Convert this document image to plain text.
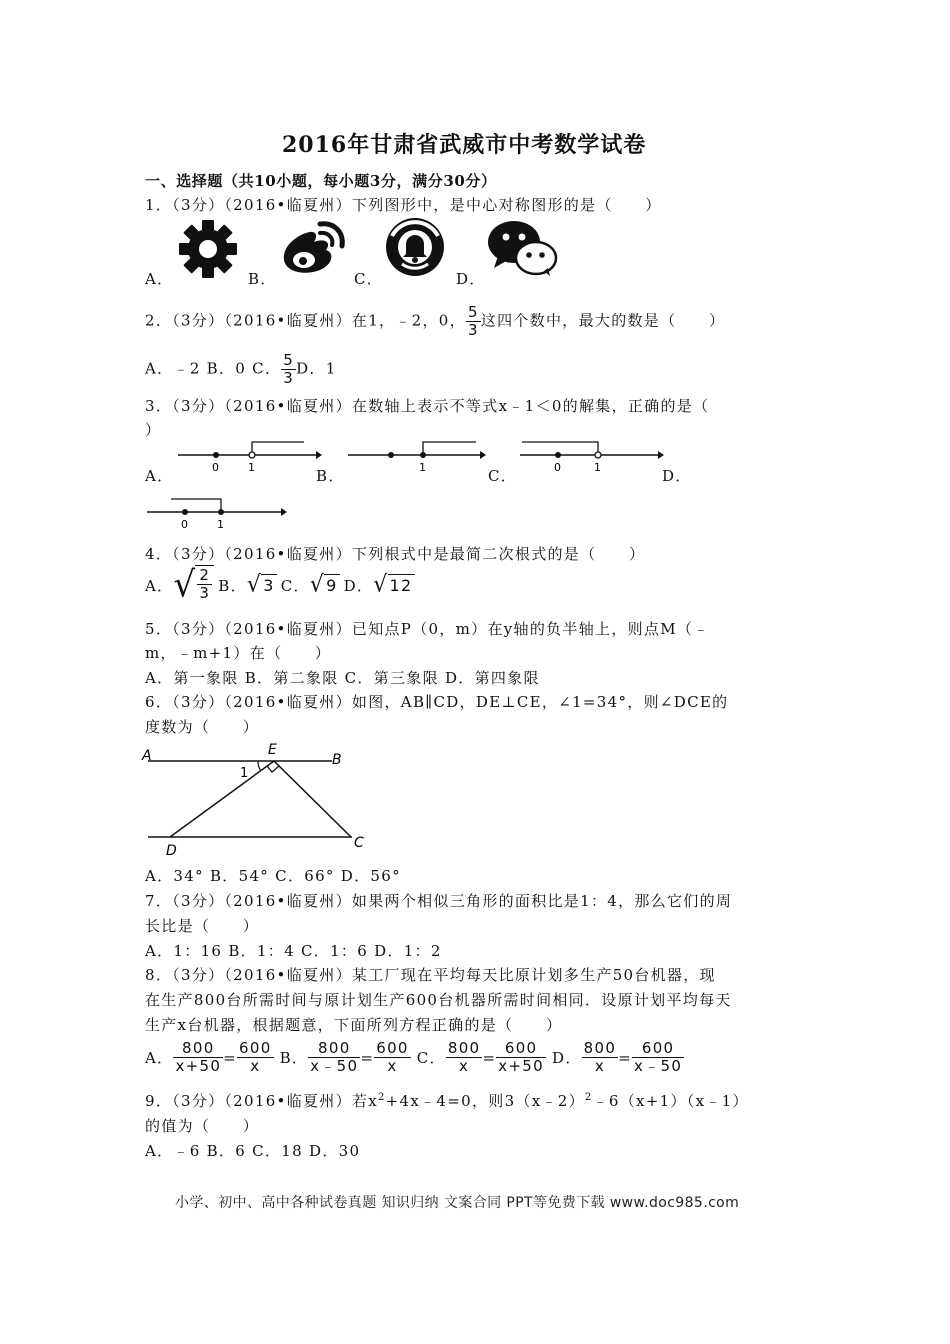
2016年甘肃省武威市中考数学试卷
一、选择题（共10小题，每小题3分，满分30分）
1．（3分）（2016•临夏州）下列图形中，是中心对称图形的是（　　）
A．	B．	C．	D．
2．（3分）（2016•临夏州）在1，﹣2，0， $\frac{5}{3}$ 这四个数中，最大的数是（　　）
A．﹣2 B．0 C． $\frac{5}{3}$ D．1
3．（3分）（2016•临夏州）在数轴上表示不等式x﹣1＜0的解集，正确的是（
）
A．	0	1	B．	1	C．	0	1	D．
0	1
4．（3分）（2016•临夏州）下列根式中是最简二次根式的是（　　）
A． √ $\frac{2}{3}$ B． √ 3 C． √ 9 D． √ 12
5．（3分）（2016•临夏州）已知点P（0，m）在y轴的负半轴上，则点M（﹣
m，﹣m+1）在（　　）
A．第一象限 B．第二象限 C．第三象限 D．第四象限
6．（3分）（2016•临夏州）如图，AB∥CD，DE⊥CE，∠1=34°，则∠DCE的
度数为（　　）
A	B
E
C
D
1
A．34° B．54° C．66° D．56°
7．（3分）（2016•临夏州）如果两个相似三角形的面积比是1：4，那么它们的周
长比是（　　）
A．1：16 B．1：4 C．1：6 D．1：2
8．（3分）（2016•临夏州）某工厂现在平均每天比原计划多生产50台机器，现
在生产800台所需时间与原计划生产600台机器所需时间相同．设原计划平均每天
生产x台机器，根据题意，下面所列方程正确的是（　　）
A． $\frac{800}{x+50} = \frac{600}{x}$ B． $\frac{800}{x﹣50} = \frac{600}{x}$ C． $\frac{800}{x} = \frac{600}{x+50}$ D． $\frac{800}{x} = \frac{600}{x﹣50}$
9．（3分）（2016•临夏州）若$x^2+4x﹣4=0$，则3（x﹣2）$^2$﹣6（x+1）（x﹣1）
的值为（　　）
A．﹣6 B．6 C．18 D．30
小学、初中、高中各种试卷真题 知识归纳 文案合同 PPT等免费下载 www.doc985.com
